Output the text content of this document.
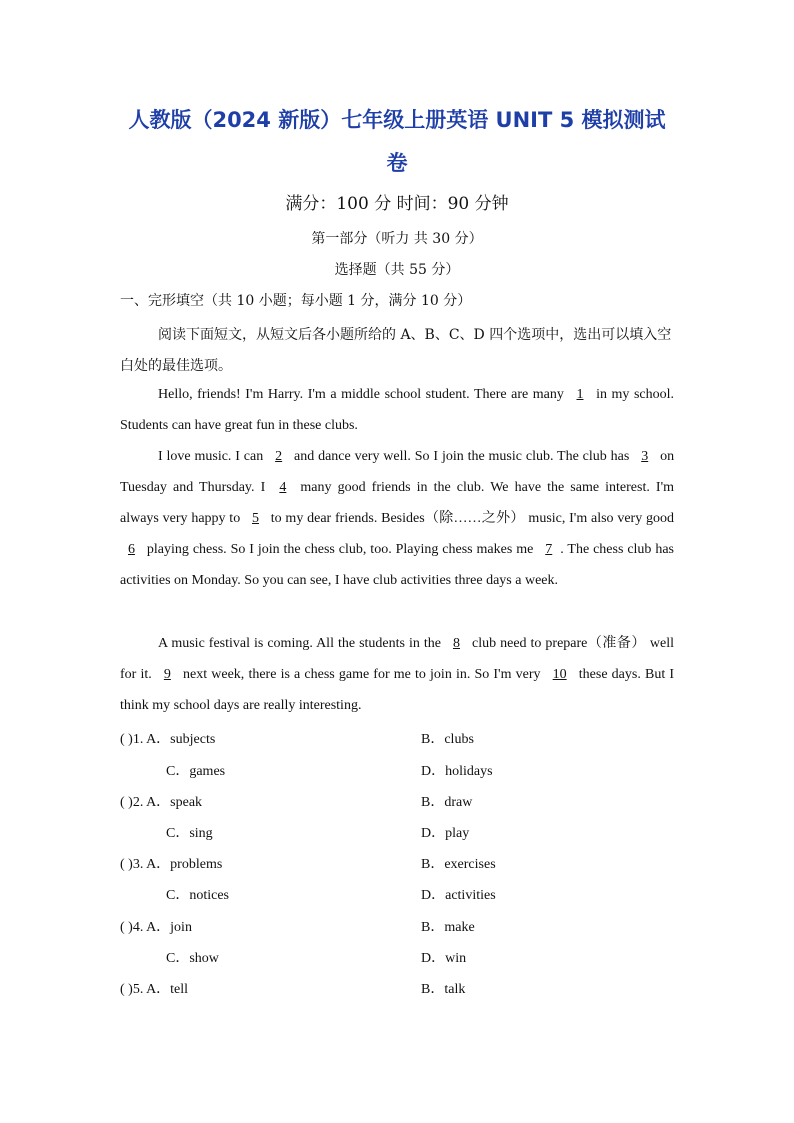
人教版（2024 新版）七年级上册英语 UNIT 5 模拟测试
卷
满分：100 分 时间：90 分钟
第一部分（听力 共 30 分）
选择题（共 55 分）
一、完形填空（共 10 小题；每小题 1 分，满分 10 分）
阅读下面短文，从短文后各小题所给的 A、B、C、D 四个选项中，选出可以填入空白处的最佳选项。
Hello, friends! I'm Harry. I'm a middle school student. There are many 1 in my school. Students can have great fun in these clubs.
I love music. I can 2 and dance very well. So I join the music club. The club has 3 on Tuesday and Thursday. I 4 many good friends in the club. We have the same interest. I'm always very happy to 5 to my dear friends. Besides（除……之外） music, I'm also very good 6 playing chess. So I join the chess club, too. Playing chess makes me 7 . The chess club has activities on Monday. So you can see, I have club activities three days a week.
A music festival is coming. All the students in the 8 club need to prepare（准备） well for it. 9 next week, there is a chess game for me to join in. So I'm very 10 these days. But I think my school days are really interesting.
( )1. A．subjects	B．clubs
C．games	D．holidays
( )2. A．speak	B．draw
C．sing	D．play
( )3. A．problems	B．exercises
C．notices	D．activities
( )4. A．join	B．make
C．show	D．win
( )5. A．tell	B．talk
